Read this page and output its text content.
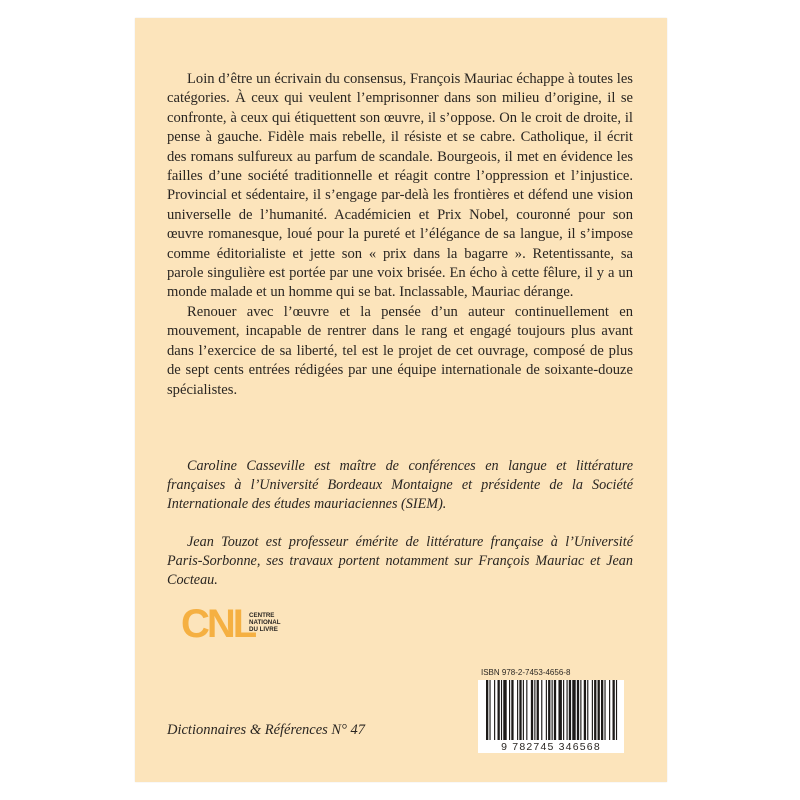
Loin d’être un écrivain du consensus, François Mauriac échappe à toutes les catégories. À ceux qui veulent l’emprisonner dans son milieu d’origine, il se confronte, à ceux qui étiquettent son œuvre, il s’oppose. On le croit de droite, il pense à gauche. Fidèle mais rebelle, il résiste et se cabre. Catholique, il écrit des romans sulfureux au parfum de scandale. Bourgeois, il met en évidence les failles d’une société traditionnelle et réagit contre l’oppression et l’injustice. Provincial et sédentaire, il s’engage par-delà les frontières et défend une vision universelle de l’humanité. Académicien et Prix Nobel, couronné pour son œuvre romanesque, loué pour la pureté et l’élégance de sa langue, il s’impose comme éditorialiste et jette son « prix dans la bagarre ». Retentissante, sa parole singulière est portée par une voix brisée. En écho à cette fêlure, il y a un monde malade et un homme qui se bat. Inclassable, Mauriac dérange.

Renouer avec l’œuvre et la pensée d’un auteur continuellement en mouvement, incapable de rentrer dans le rang et engagé toujours plus avant dans l’exercice de sa liberté, tel est le projet de cet ouvrage, composé de plus de sept cents entrées rédigées par une équipe internationale de soixante-douze spécialistes.

Caroline Casseville est maître de conférences en langue et littérature françaises à l’Université Bordeaux Montaigne et présidente de la Société Internationale des études mauriaciennes (SIEM).

Jean Touzot est professeur émérite de littérature française à l’Université Paris-Sorbonne, ses travaux portent notamment sur François Mauriac et Jean Cocteau.

CNL
CENTRE
NATIONAL
DU LIVRE
Dictionnaires & Références N° 47
ISBN 978-2-7453-4656-8
9 782745 346568
